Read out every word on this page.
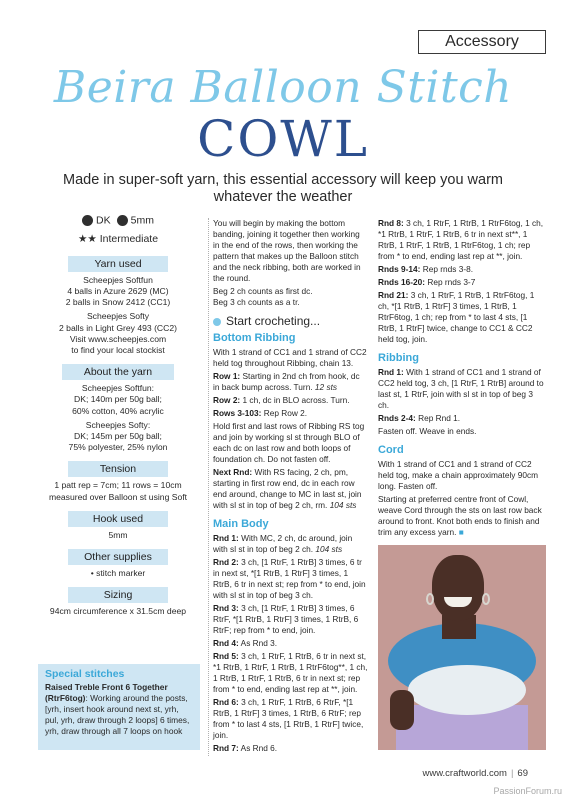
Accessory
Beira Balloon Stitch
COWL
Made in super-soft yarn, this essential accessory will keep you warm whatever the weather
DK	5mm
★★ Intermediate
Yarn used

Scheepjes Softfun

4 balls in Azure 2629 (MC)

2 balls in Snow 2412 (CC1)

Scheepjes Softy

2 balls in Light Grey 493 (CC2)

Visit www.scheepjes.com

to find your local stockist

About the yarn

Scheepjes Softfun:

DK; 140m per 50g ball;

60% cotton, 40% acrylic

Scheepjes Softy:

DK; 145m per 50g ball;

75% polyester, 25% nylon

Tension

1 patt rep = 7cm; 11 rows = 10cm measured over Balloon st using Soft

Hook used

5mm

Other supplies

• stitch marker

Sizing

94cm circumference x 31.5cm deep

Special stitches

Raised Treble Front 6 Together (RtrF6tog): Working around the posts, [yrh, insert hook around next st, yrh, pul, yrh, draw through 2 loops] 6 times, yrh, draw through all 7 loops on hook

You will begin by making the bottom banding, joining it together then working in the end of the rows, then working the pattern that makes up the Balloon stitch and the neck ribbing, both are worked in the round.

Beg 2 ch counts as first dc.

Beg 3 ch counts as a tr.

Start crocheting...
Bottom Ribbing

With 1 strand of CC1 and 1 strand of CC2 held tog throughout Ribbing, chain 13.

Row 1: Starting in 2nd ch from hook, dc in back bump across. Turn. 12 sts

Row 2: 1 ch, dc in BLO across. Turn.

Rows 3-103: Rep Row 2.

Hold first and last rows of Ribbing RS tog and join by working sl st through BLO of each dc on last row and both loops of foundation ch. Do not fasten off.

Next Rnd: With RS facing, 2 ch, pm, starting in first row end, dc in each row end around, change to MC in last st, join with sl st in top of beg 2 ch, rm. 104 sts

Main Body

Rnd 1: With MC, 2 ch, dc around, join with sl st in top of beg 2 ch. 104 sts

Rnd 2: 3 ch, [1 RtrF, 1 RtrB] 3 times, 6 tr in next st, *[1 RtrB, 1 RtrF] 3 times, 1 RtrB, 6 tr in next st; rep from * to end, join with sl st in top of beg 3 ch.

Rnd 3: 3 ch, [1 RtrF, 1 RtrB] 3 times, 6 RtrF, *[1 RtrB, 1 RtrF] 3 times, 1 RtrB, 6 RtrF; rep from * to end, join.

Rnd 4: As Rnd 3.

Rnd 5: 3 ch, 1 RtrF, 1 RtrB, 6 tr in next st, *1 RtrB, 1 RtrF, 1 RtrB, 1 RtrF6tog**, 1 ch, 1 RtrB, 1 RtrF, 1 RtrB, 6 tr in next st; rep from * to end, ending last rep at **, join.

Rnd 6: 3 ch, 1 RtrF, 1 RtrB, 6 RtrF, *[1 RtrB, 1 RtrF] 3 times, 1 RtrB, 6 RtrF; rep from * to last 4 sts, [1 RtrB, 1 RtrF] twice, join.

Rnd 7: As Rnd 6.

Rnd 8: 3 ch, 1 RtrF, 1 RtrB, 1 RtrF6tog, 1 ch, *1 RtrB, 1 RtrF, 1 RtrB, 6 tr in next st**, 1 RtrB, 1 RtrF, 1 RtrB, 1 RtrF6tog, 1 ch; rep from * to end, ending last rep at **, join.

Rnds 9-14: Rep rnds 3-8.

Rnds 16-20: Rep rnds 3-7

Rnd 21: 3 ch, 1 RtrF, 1 RtrB, 1 RtrF6tog, 1 ch, *[1 RtrB, 1 RtrF] 3 times, 1 RtrB, 1 RtrF6tog, 1 ch; rep from * to last 4 sts, [1 RtrB, 1 RtrF] twice, change to CC1 & CC2 held tog, join.

Ribbing

Rnd 1: With 1 strand of CC1 and 1 strand of CC2 held tog, 3 ch, [1 RtrF, 1 RtrB] around to last st, 1 RtrF, join with sl st in top of beg 3 ch.

Rnds 2-4: Rep Rnd 1.

Fasten off. Weave in ends.

Cord

With 1 strand of CC1 and 1 strand of CC2 held tog, make a chain approximately 90cm long. Fasten off.

Starting at preferred centre front of Cowl, weave Cord through the sts on last row back around to front. Knot both ends to finish and trim any excess yarn. ■

www.craftworld.com | 69
PassionForum.ru
